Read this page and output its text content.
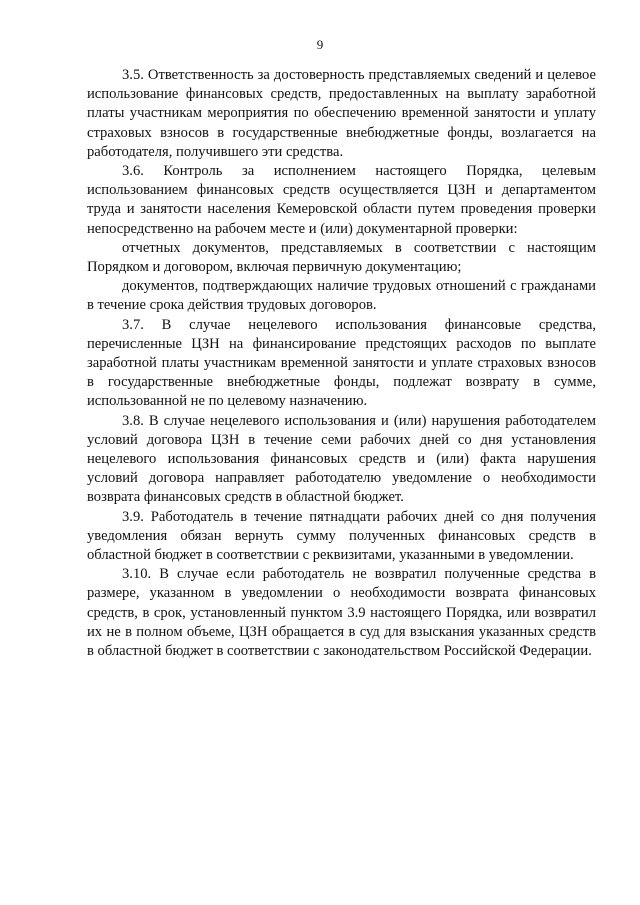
9

3.5. Ответственность за достоверность представляемых сведений и целевое использование финансовых средств, предоставленных на выплату заработной платы участникам мероприятия по обеспечению временной занятости и уплату страховых взносов в государственные внебюджетные фонды, возлагается на работодателя, получившего эти средства.

3.6. Контроль за исполнением настоящего Порядка, целевым использованием финансовых средств осуществляется ЦЗН и департаментом труда и занятости населения Кемеровской области путем проведения проверки непосредственно на рабочем месте и (или) документарной проверки:

отчетных документов, представляемых в соответствии с настоящим Порядком и договором, включая первичную документацию;

документов, подтверждающих наличие трудовых отношений с гражданами в течение срока действия трудовых договоров.

3.7. В случае нецелевого использования финансовые средства, перечисленные ЦЗН на финансирование предстоящих расходов по выплате заработной платы участникам временной занятости и уплате страховых взносов в государственные внебюджетные фонды, подлежат возврату в сумме, использованной не по целевому назначению.

3.8. В случае нецелевого использования и (или) нарушения работодателем условий договора ЦЗН в течение семи рабочих дней со дня установления нецелевого использования финансовых средств и (или) факта нарушения условий договора направляет работодателю уведомление о необходимости возврата финансовых средств в областной бюджет.

3.9. Работодатель в течение пятнадцати рабочих дней со дня получения уведомления обязан вернуть сумму полученных финансовых средств в областной бюджет в соответствии с реквизитами, указанными в уведомлении.

3.10. В случае если работодатель не возвратил полученные средства в размере, указанном в уведомлении о необходимости возврата финансовых средств, в срок, установленный пунктом 3.9 настоящего Порядка, или возвратил их не в полном объеме, ЦЗН обращается в суд для взыскания указанных средств в областной бюджет в соответствии с законодательством Российской Федерации.
